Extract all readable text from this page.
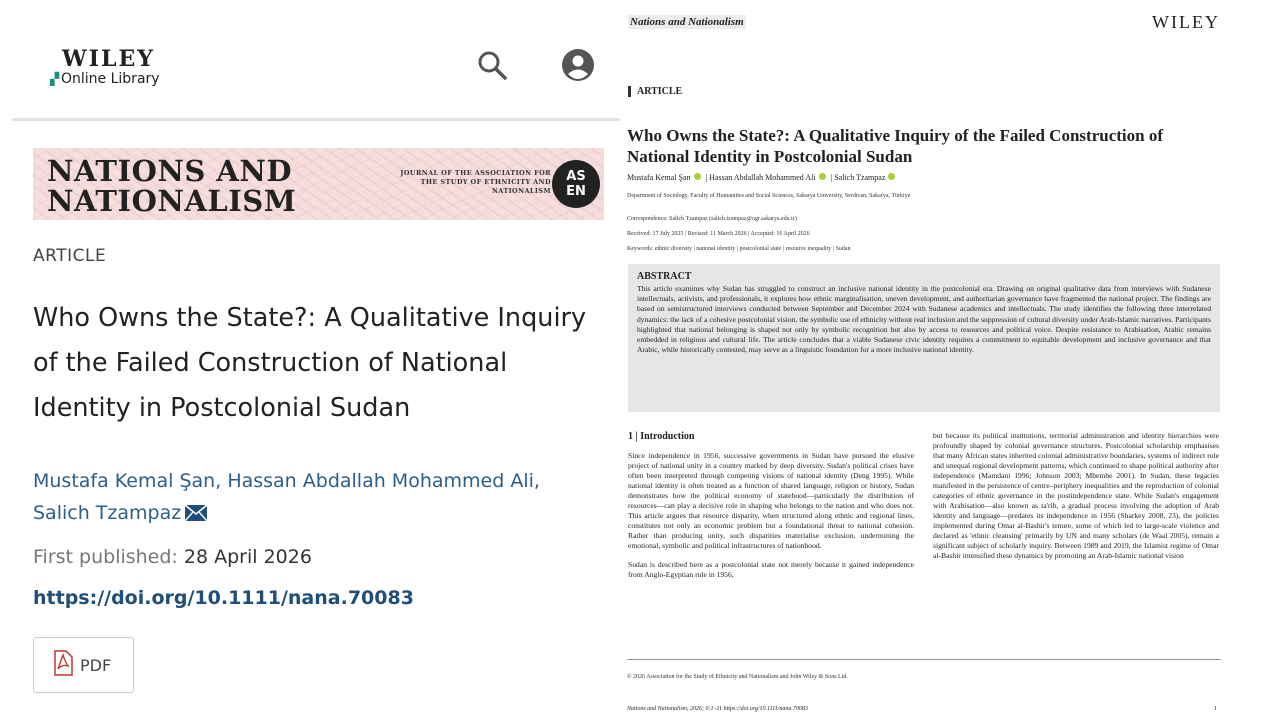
WILEY
▞ Online Library
NATIONS AND
NATIONALISM
JOURNAL OF THE ASSOCIATION FOR THE STUDY OF ETHNICITY AND NATIONALISM
AS
EN
ARTICLE
Who Owns the State?: A Qualitative Inquiry of the Failed Construction of National Identity in Postcolonial Sudan
Mustafa Kemal Şan, Hassan Abdallah Mohammed Ali,
Salich Tzampaz
First published: 28 April 2026
https://doi.org/10.1111/nana.70083
PDF
Nations and Nationalism	WILEY
ARTICLE
Who Owns the State?: A Qualitative Inquiry of the Failed Construction of National Identity in Postcolonial Sudan
Mustafa Kemal Şan | Hassan Abdallah Mohammed Ali | Salich Tzampaz
Department of Sociology, Faculty of Humanities and Social Sciences, Sakarya University, Serdivan, Sakarya, Türkiye
Correspondence: Salich Tzampaz (salich.tzampaz@ogr.sakarya.edu.tr)
Received: 17 July 2025 | Revised: 11 March 2026 | Accepted: 16 April 2026
Keywords: ethnic diversity | national identity | postcolonial state | resource inequality | Sudan
ABSTRACT
This article examines why Sudan has struggled to construct an inclusive national identity in the postcolonial era. Drawing on original qualitative data from interviews with Sudanese intellectuals, activists, and professionals, it explores how ethnic marginalisation, uneven development, and authoritarian governance have fragmented the national project. The findings are based on semistructured interviews conducted between September and December 2024 with Sudanese academics and intellectuals. The study identifies the following three interrelated dynamics: the lack of a cohesive postcolonial vision, the symbolic use of ethnicity without real inclusion and the suppression of cultural diversity under Arab-Islamic narratives. Participants highlighted that national belonging is shaped not only by symbolic recognition but also by access to resources and political voice. Despite resistance to Arabisation, Arabic remains embedded in religious and cultural life. The article concludes that a viable Sudanese civic identity requires a commitment to equitable development and inclusive governance and that Arabic, while historically contested, may serve as a linguistic foundation for a more inclusive national identity.
1 | Introduction

Since independence in 1956, successive governments in Sudan have pursued the elusive project of national unity in a country marked by deep diversity. Sudan's political crises have often been interpreted through competing visions of national identity (Deng 1995). While national identity is often treated as a function of shared language, religion or history, Sudan demonstrates how the political economy of statehood—particularly the distribution of resources—can play a decisive role in shaping who belongs to the nation and who does not. This article argues that resource disparity, when structured along ethnic and regional lines, constitutes not only an economic problem but a foundational threat to national cohesion. Rather than producing unity, such disparities materialise exclusion, undermining the emotional, symbolic and political infrastructures of nationhood.

Sudan is described here as a postcolonial state not merely because it gained independence from Anglo-Egyptian rule in 1956,

but because its political institutions, territorial administration and identity hierarchies were profoundly shaped by colonial governance structures. Postcolonial scholarship emphasises that many African states inherited colonial administrative boundaries, systems of indirect rule and unequal regional development patterns, which continued to shape political authority after independence (Mamdani 1996; Johnson 2003; Mbembe 2001). In Sudan, these legacies manifested in the persistence of centre–periphery inequalities and the reproduction of colonial categories of ethnic governance in the postindependence state. While Sudan's engagement with Arabisation—also known as ta'rib, a gradual process involving the adoption of Arab identity and language—predates its independence in 1956 (Sharkey 2008, 23), the policies implemented during Omar al-Bashir's tenure, some of which led to large-scale violence and declared as 'ethnic cleansing' primarily by UN and many scholars (de Waal 2005), remain a significant subject of scholarly inquiry. Between 1989 and 2019, the Islamist regime of Omar al-Bashir intensified these dynamics by promoting an Arab-Islamic national vision

© 2026 Association for the Study of Ethnicity and Nationalism and John Wiley & Sons Ltd.
Nations and Nationalism, 2026; 0:1–11 https://doi.org/10.1111/nana.70083	1
